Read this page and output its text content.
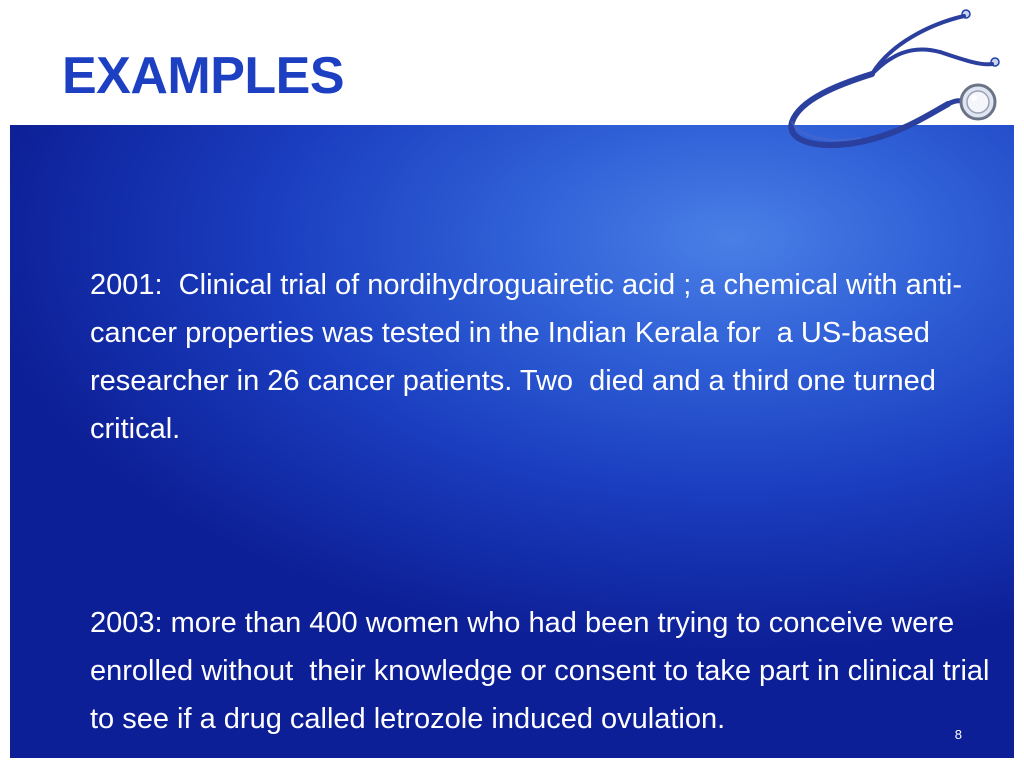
EXAMPLES

2001:  Clinical trial of nordihydroguairetic acid ; a chemical with anti-cancer properties was tested in the Indian Kerala for  a US-based researcher in 26 cancer patients. Two  died and a third one turned critical.

2003: more than 400 women who had been trying to conceive were enrolled without  their knowledge or consent to take part in clinical trial to see if a drug called letrozole induced ovulation.

	8
